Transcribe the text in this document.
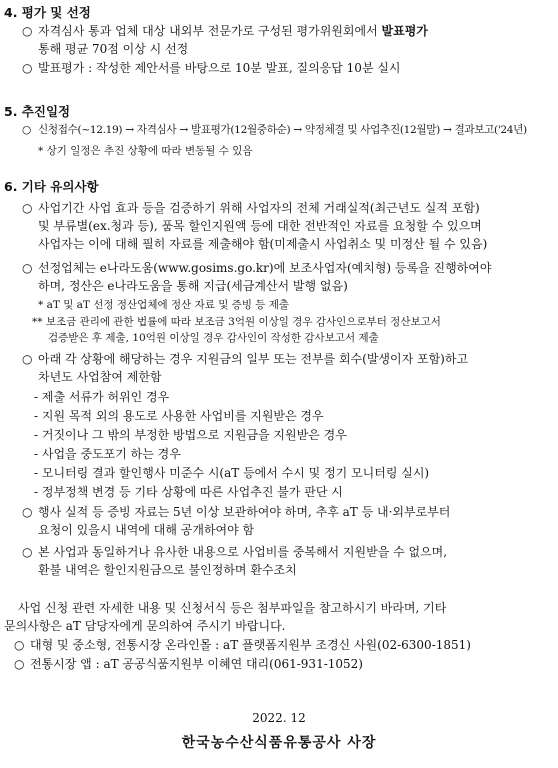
4. 평가 및 선정
○ 자격심사 통과 업체 대상 내외부 전문가로 구성된 평가위원회에서 발표평가
통해 평균 70점 이상 시 선정
○ 발표평가 : 작성한 제안서를 바탕으로 10분 발표, 질의응답 10분 실시
5. 추진일정
○ 신청접수(~12.19) → 자격심사 → 발표평가(12월중하순) → 약정체결 및 사업추진(12월말) → 결과보고('24년)
* 상기 일정은 추진 상황에 따라 변동될 수 있음
6. 기타 유의사항
○ 사업기간 사업 효과 등을 검증하기 위해 사업자의 전체 거래실적(최근년도 실적 포함)
및 부류별(ex.청과 등), 품목 할인지원액 등에 대한 전반적인 자료를 요청할 수 있으며
사업자는 이에 대해 필히 자료를 제출해야 함(미제출시 사업취소 및 미정산 될 수 있음)
○ 선정업체는 e나라도움(www.gosims.go.kr)에 보조사업자(예치형) 등록을 진행하여야
하며, 정산은 e나라도움을 통해 지급(세금계산서 발행 없음)
* aT 및 aT 선정 정산업체에 정산 자료 및 증빙 등 제출
** 보조금 관리에 관한 법률에 따라 보조금 3억원 이상일 경우 감사인으로부터 정산보고서
검증받은 후 제출, 10억원 이상일 경우 감사인이 작성한 감사보고서 제출
○ 아래 각 상황에 해당하는 경우 지원금의 일부 또는 전부를 회수(발생이자 포함)하고
차년도 사업참여 제한함
- 제출 서류가 허위인 경우
- 지원 목적 외의 용도로 사용한 사업비를 지원받은 경우
- 거짓이나 그 밖의 부정한 방법으로 지원금을 지원받은 경우
- 사업을 중도포기 하는 경우
- 모니터링 결과 할인행사 미준수 시(aT 등에서 수시 및 정기 모니터링 실시)
- 정부정책 변경 등 기타 상황에 따른 사업추진 불가 판단 시
○ 행사 실적 등 증빙 자료는 5년 이상 보관하여야 하며, 추후 aT 등 내·외부로부터
요청이 있을시 내역에 대해 공개하여야 함
○ 본 사업과 동일하거나 유사한 내용으로 사업비를 중복해서 지원받을 수 없으며,
환불 내역은 할인지원금으로 불인정하며 환수조치
사업 신청 관련 자세한 내용 및 신청서식 등은 첨부파일을 참고하시기 바라며, 기타
문의사항은 aT 담당자에게 문의하여 주시기 바랍니다.
○ 대형 및 중소형, 전통시장 온라인몰 : aT 플랫폼지원부 조경신 사원(02-6300-1851)
○ 전통시장 앱 : aT 공공식품지원부 이혜연 대리(061-931-1052)
2022. 12
한국농수산식품유통공사 사장
